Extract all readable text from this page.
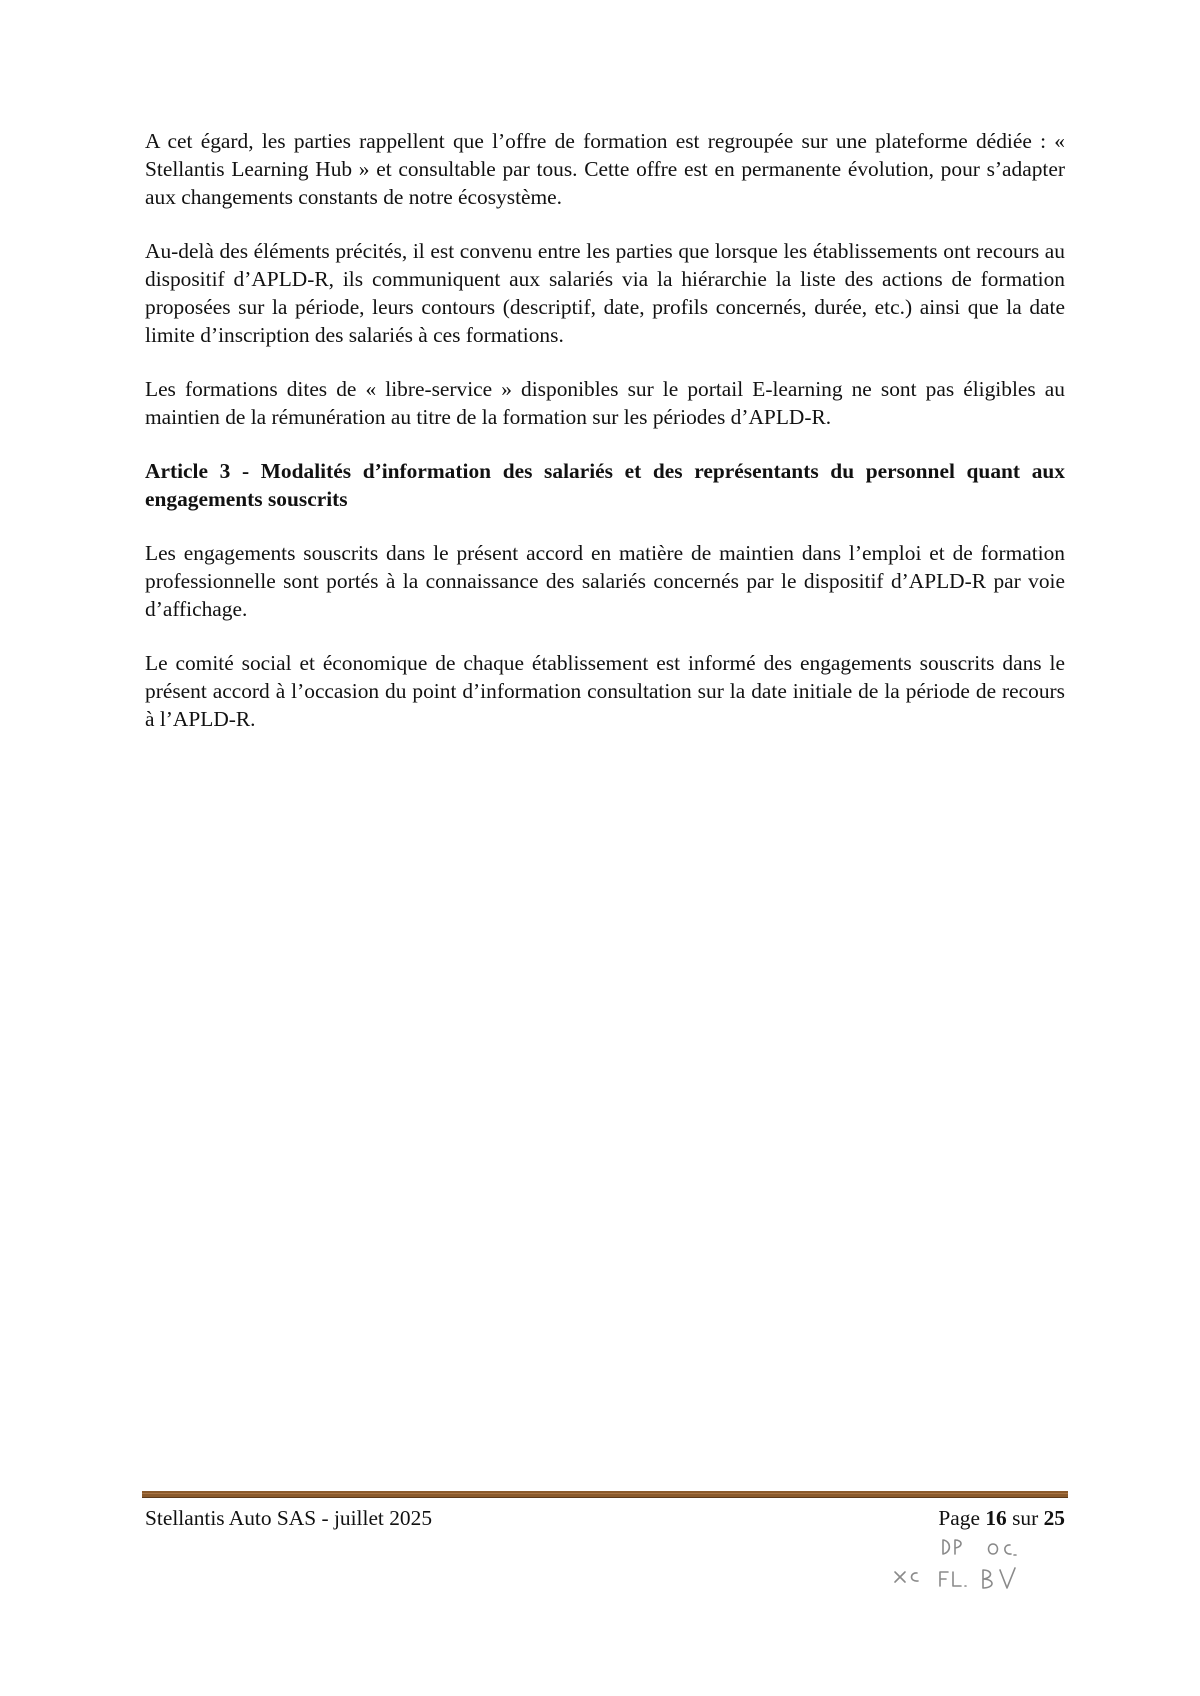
A cet égard, les parties rappellent que l’offre de formation est regroupée sur une plateforme dédiée : « Stellantis Learning Hub » et consultable par tous. Cette offre est en permanente évolution, pour s’adapter aux changements constants de notre écosystème.

Au-delà des éléments précités, il est convenu entre les parties que lorsque les établissements ont recours au dispositif d’APLD-R, ils communiquent aux salariés via la hiérarchie la liste des actions de formation proposées sur la période, leurs contours (descriptif, date, profils concernés, durée, etc.) ainsi que la date limite d’inscription des salariés à ces formations.

Les formations dites de « libre-service » disponibles sur le portail E-learning ne sont pas éligibles au maintien de la rémunération au titre de la formation sur les périodes d’APLD-R.

Article 3 - Modalités d’information des salariés et des représentants du personnel quant aux engagements souscrits

Les engagements souscrits dans le présent accord en matière de maintien dans l’emploi et de formation professionnelle sont portés à la connaissance des salariés concernés par le dispositif d’APLD-R par voie d’affichage.

Le comité social et économique de chaque établissement est informé des engagements souscrits dans le présent accord à l’occasion du point d’information consultation sur la date initiale de la période de recours à l’APLD-R.

Stellantis Auto SAS - juillet 2025	Page 16 sur 25
